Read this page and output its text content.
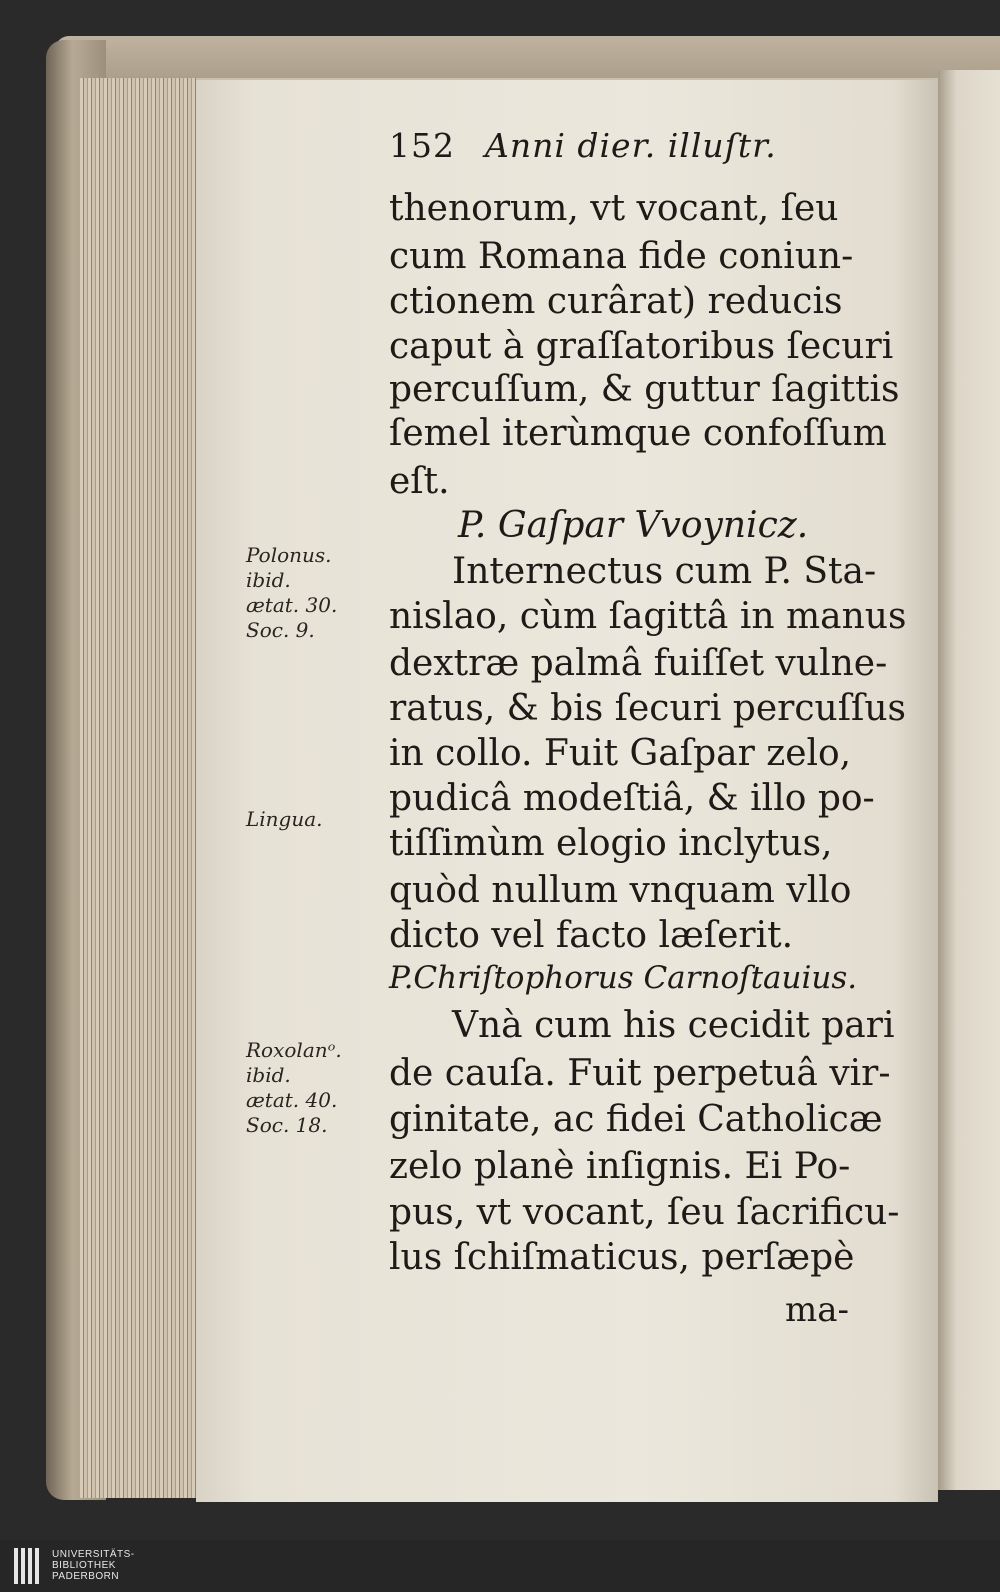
152 Anni dier. illuſtr.
thenorum, vt vocant, ſeu
cum Romana fide coniun-
ctionem curârat) reducis
caput à graſſatoribus ſecuri
percuſſum, & guttur ſagittis
ſemel iterùmque confoſſum
eſt.
P. Gaſpar Vvoynicz.
Internectus cum P. Sta-
nislao, cùm ſagittâ in manus
dextræ palmâ fuiſſet vulne-
ratus, & bis ſecuri percuſſus
in collo. Fuit Gaſpar zelo,
pudicâ modeſtiâ, & illo po-
tiſſimùm elogio inclytus,
quòd nullum vnquam vllo
dicto vel facto læſerit.
P.Chriſtophorus Carnoſtauius.
Vnà cum his cecidit pari
de cauſa. Fuit perpetuâ vir-
ginitate, ac fidei Catholicæ
zelo planè inſignis. Ei Po-
pus, vt vocant, ſeu ſacrificu-
lus ſchiſmaticus, perſæpè
ma-
Polonus.
ibid.
ætat. 30.
Soc. 9.
Lingua.
Roxolanᵒ.
ibid.
ætat. 40.
Soc. 18.
UNIVERSITÄTS-
BIBLIOTHEK
PADERBORN
